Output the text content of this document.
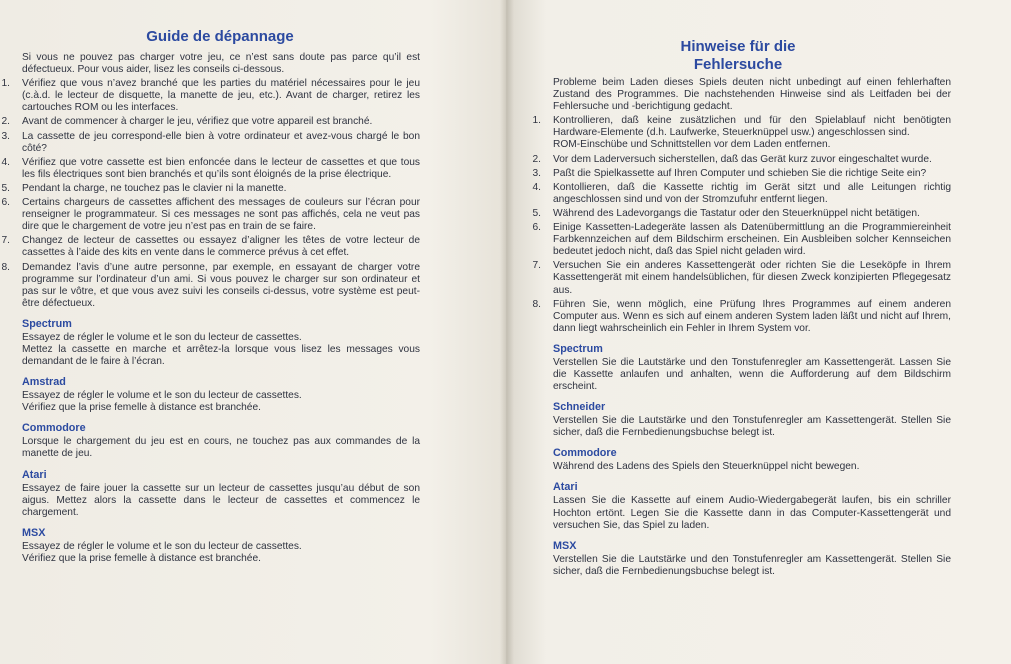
Guide de dépannage

Si vous ne pouvez pas charger votre jeu, ce n’est sans doute pas parce qu’il est défectueux. Pour vous aider, lisez les conseils ci-dessous.

1. Vérifiez que vous n’avez branché que les parties du matériel nécessaires pour le jeu (c.à.d. le lecteur de disquette, la manette de jeu, etc.). Avant de charger, retirez les cartouches ROM ou les interfaces.
2. Avant de commencer à charger le jeu, vérifiez que votre appareil est branché.
3. La cassette de jeu correspond-elle bien à votre ordinateur et avez-vous chargé le bon côté?
4. Vérifiez que votre cassette est bien enfoncée dans le lecteur de cassettes et que tous les fils électriques sont bien branchés et qu’ils sont éloignés de la prise électrique.
5. Pendant la charge, ne touchez pas le clavier ni la manette.
6. Certains chargeurs de cassettes affichent des messages de couleurs sur l’écran pour renseigner le programmateur. Si ces messages ne sont pas affichés, cela ne veut pas dire que le chargement de votre jeu n’est pas en train de se faire.
7. Changez de lecteur de cassettes ou essayez d’aligner les têtes de votre lecteur de cassettes à l’aide des kits en vente dans le commerce prévus à cet effet.
8. Demandez l’avis d’une autre personne, par exemple, en essayant de charger votre programme sur l’ordinateur d’un ami. Si vous pouvez le charger sur son ordinateur et pas sur le vôtre, et que vous avez suivi les conseils ci-dessus, votre système est peut-être défectueux.
Spectrum

Essayez de régler le volume et le son du lecteur de cassettes.

Mettez la cassette en marche et arrêtez-la lorsque vous lisez les messages vous demandant de le faire à l’écran.

Amstrad

Essayez de régler le volume et le son du lecteur de cassettes.

Vérifiez que la prise femelle à distance est branchée.

Commodore

Lorsque le chargement du jeu est en cours, ne touchez pas aux commandes de la manette de jeu.

Atari

Essayez de faire jouer la cassette sur un lecteur de cassettes jusqu’au début de son aigus. Mettez alors la cassette dans le lecteur de cassettes et commencez le chargement.

MSX

Essayez de régler le volume et le son du lecteur de cassettes.

Vérifiez que la prise femelle à distance est branchée.

Hinweise für die
Fehlersuche

Probleme beim Laden dieses Spiels deuten nicht unbedingt auf einen fehlerhaften Zustand des Programmes. Die nachstehenden Hinweise sind als Leitfaden bei der Fehlersuche und -berichtigung gedacht.

1. Kontrollieren, daß keine zusätzlichen und für den Spielablauf nicht benötigten Hardware-Elemente (d.h. Laufwerke, Steuerknüppel usw.) angeschlossen sind.
ROM-Einschübe und Schnittstellen vor dem Laden entfernen.
2. Vor dem Laderversuch sicherstellen, daß das Gerät kurz zuvor eingeschaltet wurde.
3. Paßt die Spielkassette auf Ihren Computer und schieben Sie die richtige Seite ein?
4. Kontollieren, daß die Kassette richtig im Gerät sitzt und alle Leitungen richtig angeschlossen sind und von der Stromzufuhr entfernt liegen.
5. Während des Ladevorgangs die Tastatur oder den Steuerknüppel nicht betätigen.
6. Einige Kassetten-Ladegeräte lassen als Datenübermittlung an die Programmiereinheit Farbkennzeichen auf dem Bildschirm erscheinen. Ein Ausbleiben solcher Kennseichen bedeutet jedoch nicht, daß das Spiel nicht geladen wird.
7. Versuchen Sie ein anderes Kassettengerät oder richten Sie die Leseköpfe in Ihrem Kassettengerät mit einem handelsüblichen, für diesen Zweck konzipierten Pflegegesatz aus.
8. Führen Sie, wenn möglich, eine Prüfung Ihres Programmes auf einem anderen Computer aus. Wenn es sich auf einem anderen System laden läßt und nicht auf Ihrem, dann liegt wahrscheinlich ein Fehler in Ihrem System vor.
Spectrum

Verstellen Sie die Lautstärke und den Tonstufenregler am Kassettengerät. Lassen Sie die Kassette anlaufen und anhalten, wenn die Aufforderung auf dem Bildschirm erscheint.

Schneider

Verstellen Sie die Lautstärke und den Tonstufenregler am Kassettengerät. Stellen Sie sicher, daß die Fernbedienungsbuchse belegt ist.

Commodore

Während des Ladens des Spiels den Steuerknüppel nicht bewegen.

Atari

Lassen Sie die Kassette auf einem Audio-Wiedergabegerät laufen, bis ein schriller Hochton ertönt. Legen Sie die Kassette dann in das Computer-Kassettengerät und versuchen Sie, das Spiel zu laden.

MSX

Verstellen Sie die Lautstärke und den Tonstufenregler am Kassettengerät. Stellen Sie sicher, daß die Fernbedienungsbuchse belegt ist.
